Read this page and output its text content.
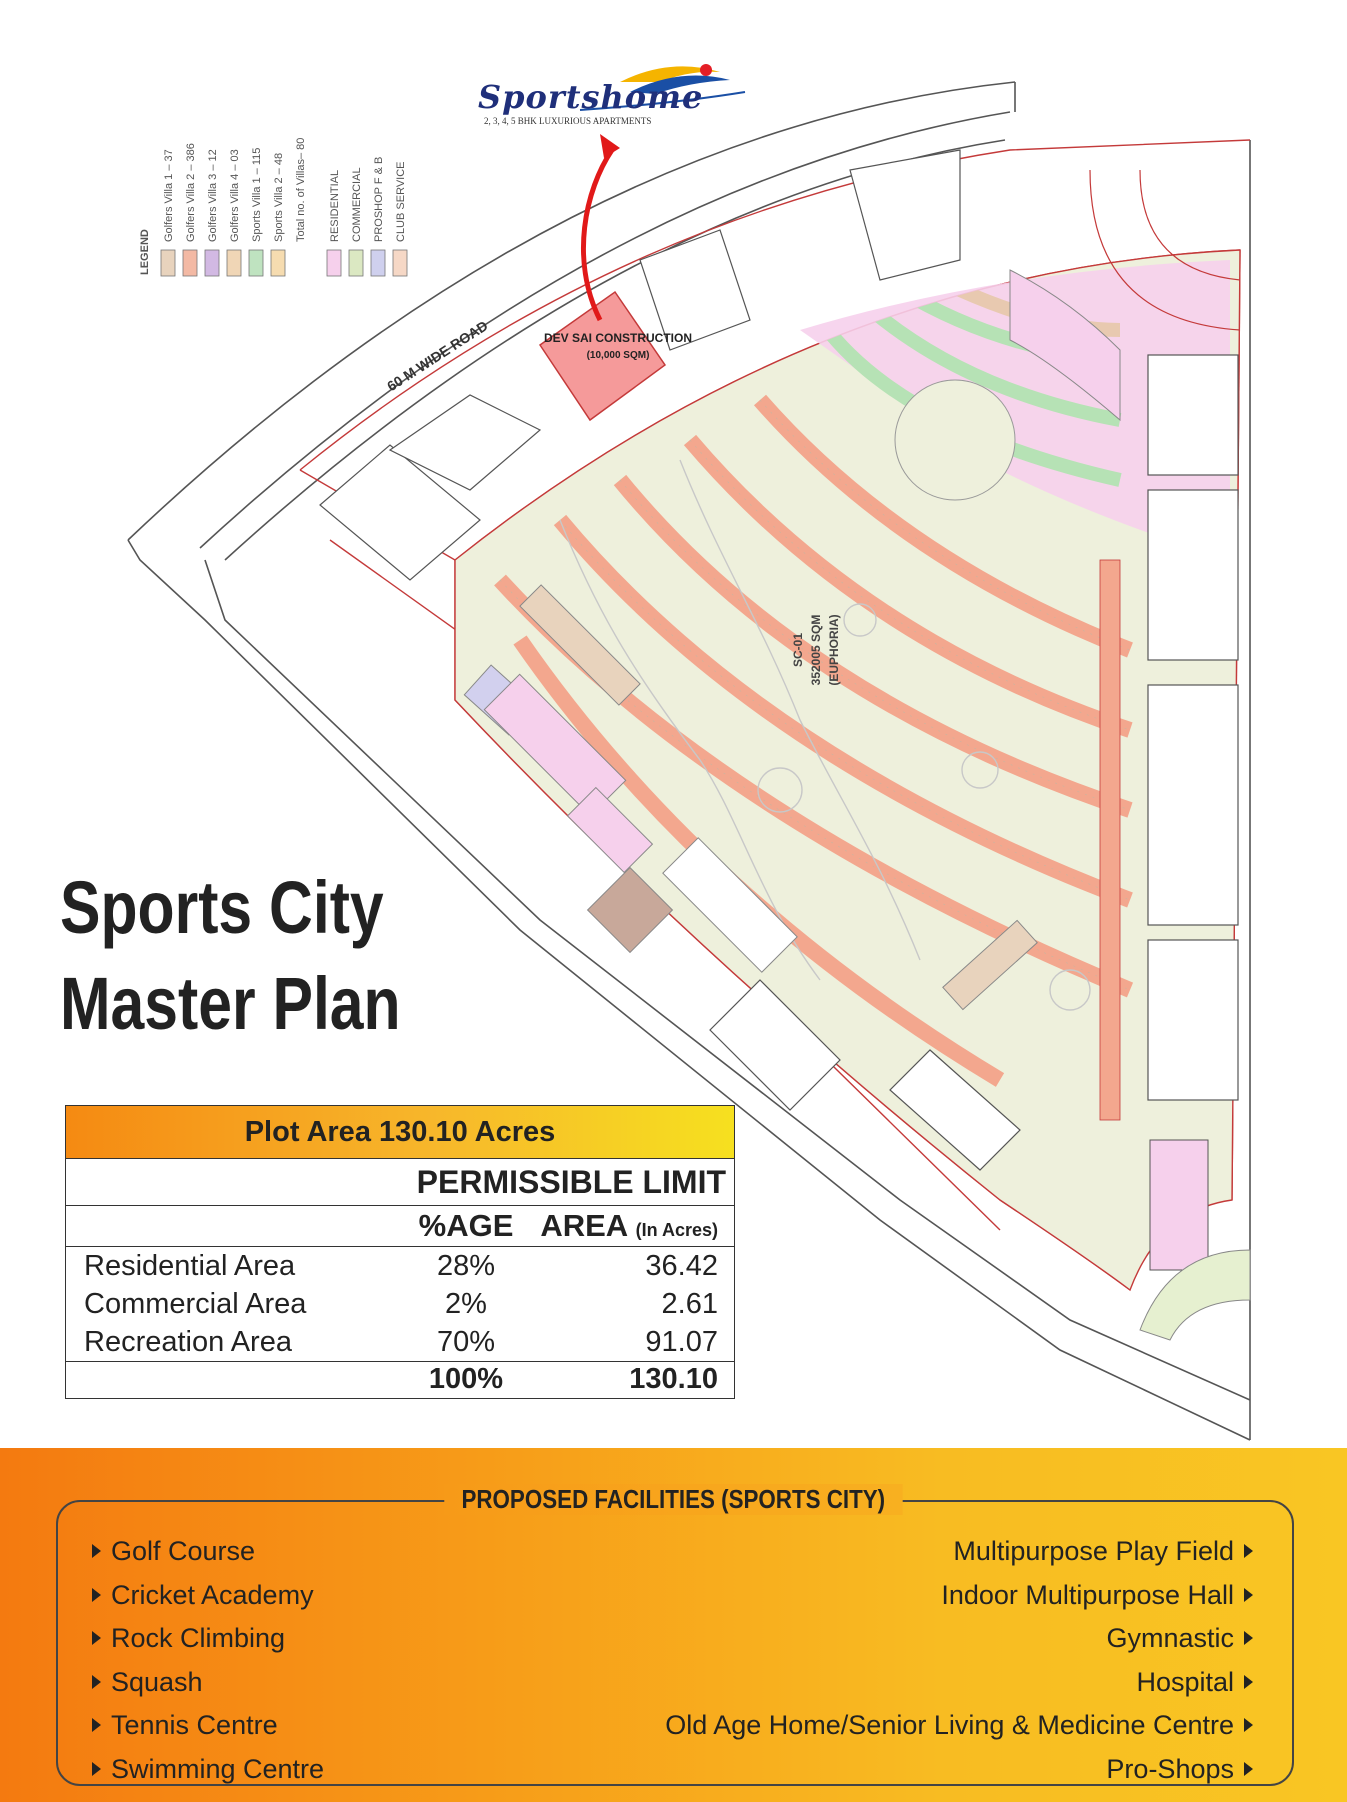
DEV SAI CONSTRUCTION
(10,000 SQM)
60 M WIDE ROAD
SC-01 352005 SQM (EUPHORIA)
LEGEND
Golfers Villa 1 – 37 Golfers Villa 2 – 386 Golfers Villa 3 – 12 Golfers Villa 4 – 03 Sports Villa 1 – 115 Sports Villa 2 – 48 Total no. of Villas– 80 RESIDENTIAL COMMERCIAL PROSHOP F & B CLUB SERVICE
Sportshome
2, 3, 4, 5 BHK LUXURIOUS APARTMENTS
Sports City
Master Plan
Plot Area 130.10 Acres
PERMISSIBLE LIMIT
%AGE AREA (In Acres)
Residential Area	28%	36.42
Commercial Area	2%	2.61
Recreation Area	70%	91.07
100%	130.10
PROPOSED FACILITIES (SPORTS CITY)
Golf Course
Cricket Academy
Rock Climbing
Squash
Tennis Centre
Swimming Centre
Multipurpose Play Field
Indoor Multipurpose Hall
Gymnastic
Hospital
Old Age Home/Senior Living & Medicine Centre
Pro-Shops
